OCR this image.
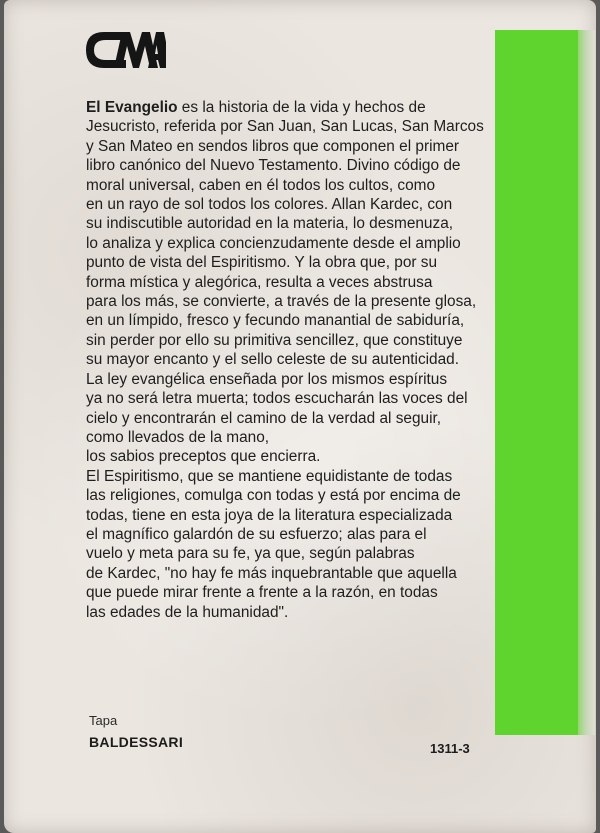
El Evangelio es la historia de la vida y hechos de
Jesucristo, referida por San Juan, San Lucas, San Marcos
y San Mateo en sendos libros que componen el primer
libro canónico del Nuevo Testamento. Divino código de
moral universal, caben en él todos los cultos, como
en un rayo de sol todos los colores. Allan Kardec, con
su indiscutible autoridad en la materia, lo desmenuza,
lo analiza y explica concienzudamente desde el amplio
punto de vista del Espiritismo. Y la obra que, por su
forma mística y alegórica, resulta a veces abstrusa
para los más, se convierte, a través de la presente glosa,
en un límpido, fresco y fecundo manantial de sabiduría,
sin perder por ello su primitiva sencillez, que constituye
su mayor encanto y el sello celeste de su autenticidad.
La ley evangélica enseñada por los mismos espíritus
ya no será letra muerta; todos escucharán las voces del
cielo y encontrarán el camino de la verdad al seguir,
como llevados de la mano,
los sabios preceptos que encierra.

El Espiritismo, que se mantiene equidistante de todas
las religiones, comulga con todas y está por encima de
todas, tiene en esta joya de la literatura especializada
el magnífico galardón de su esfuerzo; alas para el
vuelo y meta para su fe, ya que, según palabras
de Kardec, "no hay fe más inquebrantable que aquella
que puede mirar frente a frente a la razón, en todas
las edades de la humanidad".

Tapa
BALDESSARI	1311-3
